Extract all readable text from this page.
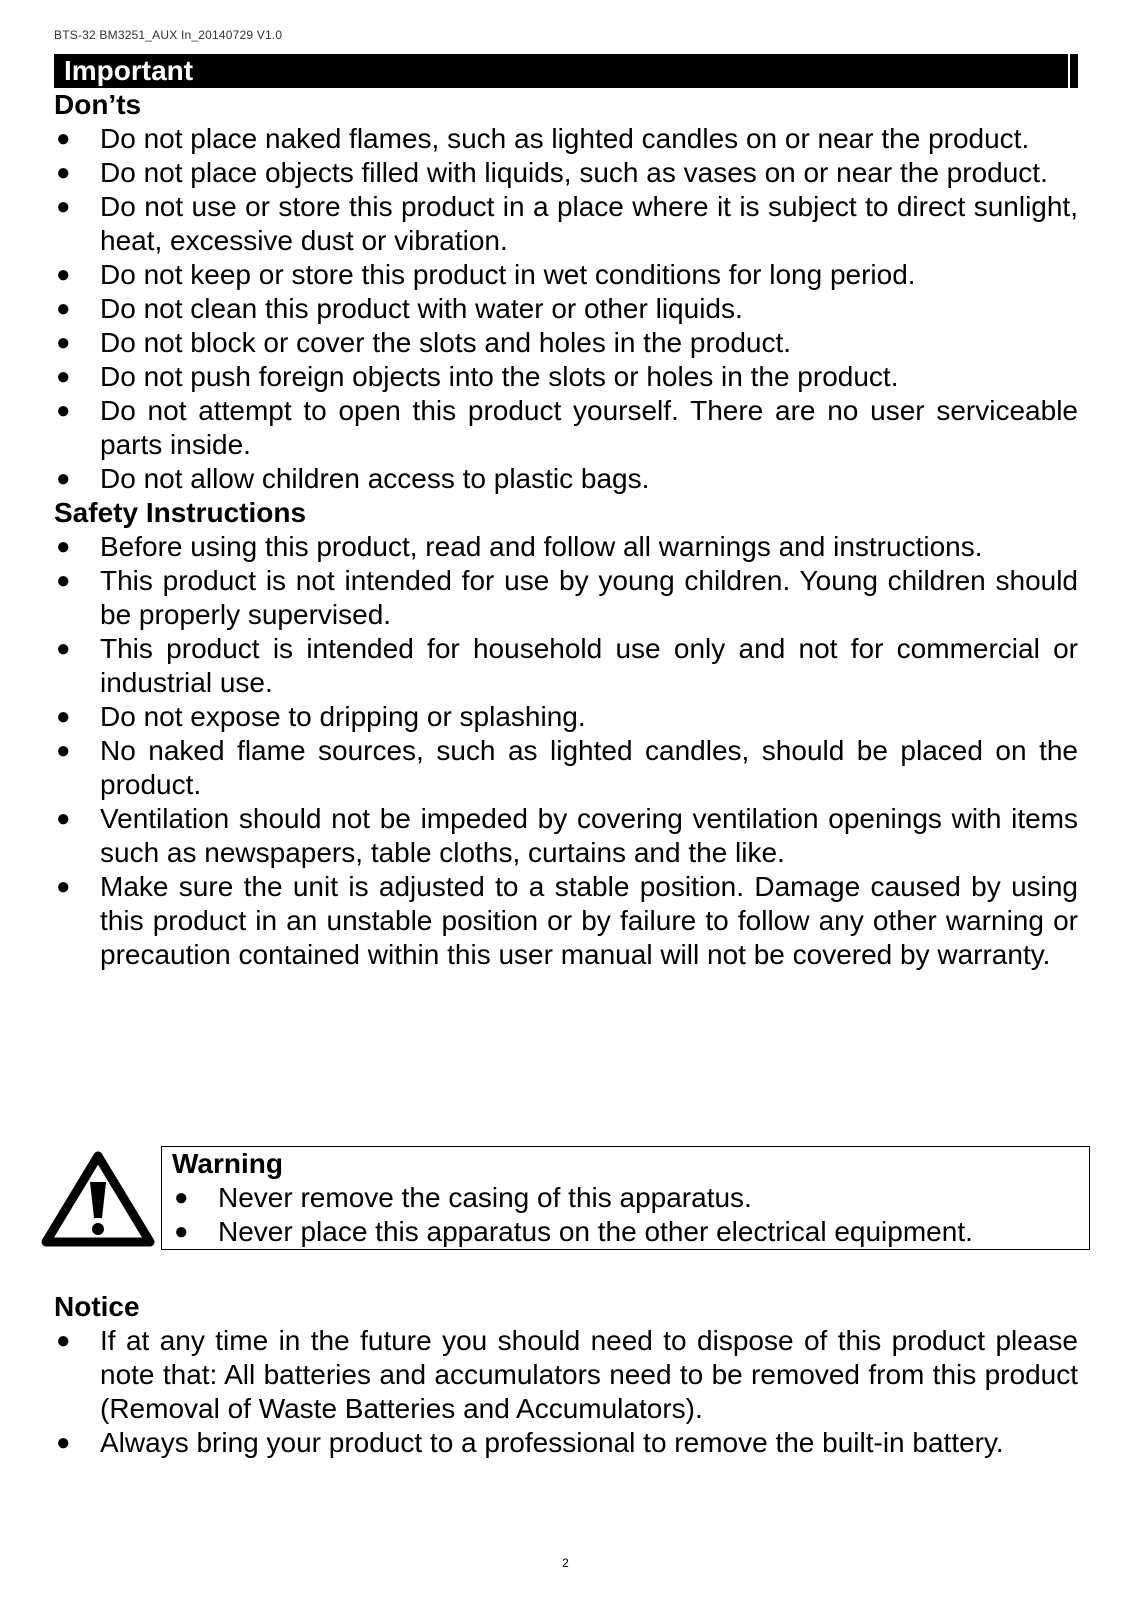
BTS-32 BM3251_AUX In_20140729 V1.0
Important
Don’ts
● Do not place naked flames, such as lighted candles on or near the product.
● Do not place objects filled with liquids, such as vases on or near the product.
● Do not use or store this product in a place where it is subject to direct sunlight, heat, excessive dust or vibration.
● Do not keep or store this product in wet conditions for long period.
● Do not clean this product with water or other liquids.
● Do not block or cover the slots and holes in the product.
● Do not push foreign objects into the slots or holes in the product.
● Do not attempt to open this product yourself. There are no user serviceable parts inside.
● Do not allow children access to plastic bags.
Safety Instructions
● Before using this product, read and follow all warnings and instructions.
● This product is not intended for use by young children. Young children should be properly supervised.
● This product is intended for household use only and not for commercial or industrial use.
● Do not expose to dripping or splashing.
● No naked flame sources, such as lighted candles, should be placed on the product.
● Ventilation should not be impeded by covering ventilation openings with items such as newspapers, table cloths, curtains and the like.
● Make sure the unit is adjusted to a stable position. Damage caused by using this product in an unstable position or by failure to follow any other warning or precaution contained within this user manual will not be covered by warranty.
Warning
● Never remove the casing of this apparatus.
● Never place this apparatus on the other electrical equipment.
Notice
● If at any time in the future you should need to dispose of this product please note that: All batteries and accumulators need to be removed from this product (Removal of Waste Batteries and Accumulators).
● Always bring your product to a professional to remove the built-in battery.
2
